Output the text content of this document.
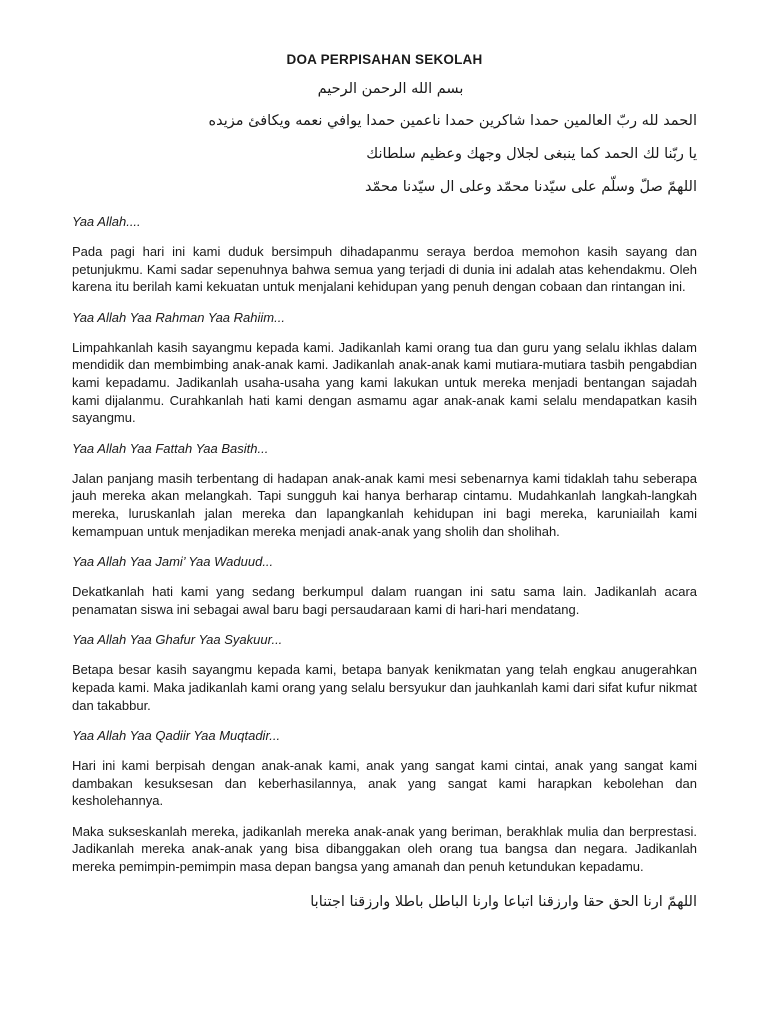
DOA PERPISAHAN SEKOLAH
بسم الله الرحمن الرحيم
الحمد لله ربّ العالمين حمدا شاكرين حمدا ناعمين حمدا يوافي نعمه ويكافئ مزيده
يا ربّنا لك الحمد كما ينبغى لجلال وجهك وعظيم سلطانك
اللهمّ صلّ وسلّم على سيّدنا محمّد وعلى ال سيّدنا محمّد
Yaa Allah....
Pada pagi hari ini kami duduk bersimpuh dihadapanmu seraya berdoa memohon kasih sayang dan petunjukmu. Kami sadar sepenuhnya bahwa semua yang terjadi di dunia ini adalah atas kehendakmu. Oleh karena itu berilah kami kekuatan untuk menjalani kehidupan yang penuh dengan cobaan dan rintangan ini.
Yaa Allah Yaa Rahman Yaa Rahiim...
Limpahkanlah kasih sayangmu kepada kami. Jadikanlah kami orang tua dan guru yang selalu ikhlas dalam mendidik dan membimbing anak-anak kami. Jadikanlah anak-anak kami mutiara-mutiara tasbih pengabdian kami kepadamu. Jadikanlah usaha-usaha yang kami lakukan untuk mereka menjadi bentangan sajadah kami dijalanmu. Curahkanlah hati kami dengan asmamu agar anak-anak kami selalu mendapatkan kasih sayangmu.
Yaa Allah Yaa Fattah Yaa Basith...
Jalan panjang masih terbentang di hadapan anak-anak kami mesi sebenarnya kami tidaklah tahu seberapa jauh mereka akan melangkah. Tapi sungguh kai hanya berharap cintamu. Mudahkanlah langkah-langkah mereka, luruskanlah jalan mereka dan lapangkanlah kehidupan ini bagi mereka, karuniailah kami kemampuan untuk menjadikan mereka menjadi anak-anak yang sholih dan sholihah.
Yaa Allah Yaa Jami’ Yaa Waduud...
Dekatkanlah hati kami yang sedang berkumpul dalam ruangan ini satu sama lain. Jadikanlah acara penamatan siswa ini sebagai awal baru bagi persaudaraan kami di hari-hari mendatang.
Yaa Allah Yaa Ghafur Yaa Syakuur...
Betapa besar kasih sayangmu kepada kami, betapa banyak kenikmatan yang telah engkau anugerahkan kepada kami. Maka jadikanlah kami orang yang selalu bersyukur dan jauhkanlah kami dari sifat kufur nikmat dan takabbur.
Yaa Allah Yaa Qadiir Yaa Muqtadir...
Hari ini kami berpisah dengan anak-anak kami, anak yang sangat kami cintai, anak yang sangat kami dambakan kesuksesan dan keberhasilannya, anak yang sangat kami harapkan kebolehan dan kesholehannya.
Maka sukseskanlah mereka, jadikanlah mereka anak-anak yang beriman, berakhlak mulia dan berprestasi. Jadikanlah mereka anak-anak yang bisa dibanggakan oleh orang tua bangsa dan negara. Jadikanlah mereka pemimpin-pemimpin masa depan bangsa yang amanah dan penuh ketundukan kepadamu.
اللهمّ ارنا الحق حقا وارزقنا اتباعا وارنا الباطل باطلا وارزقنا اجتنابا
